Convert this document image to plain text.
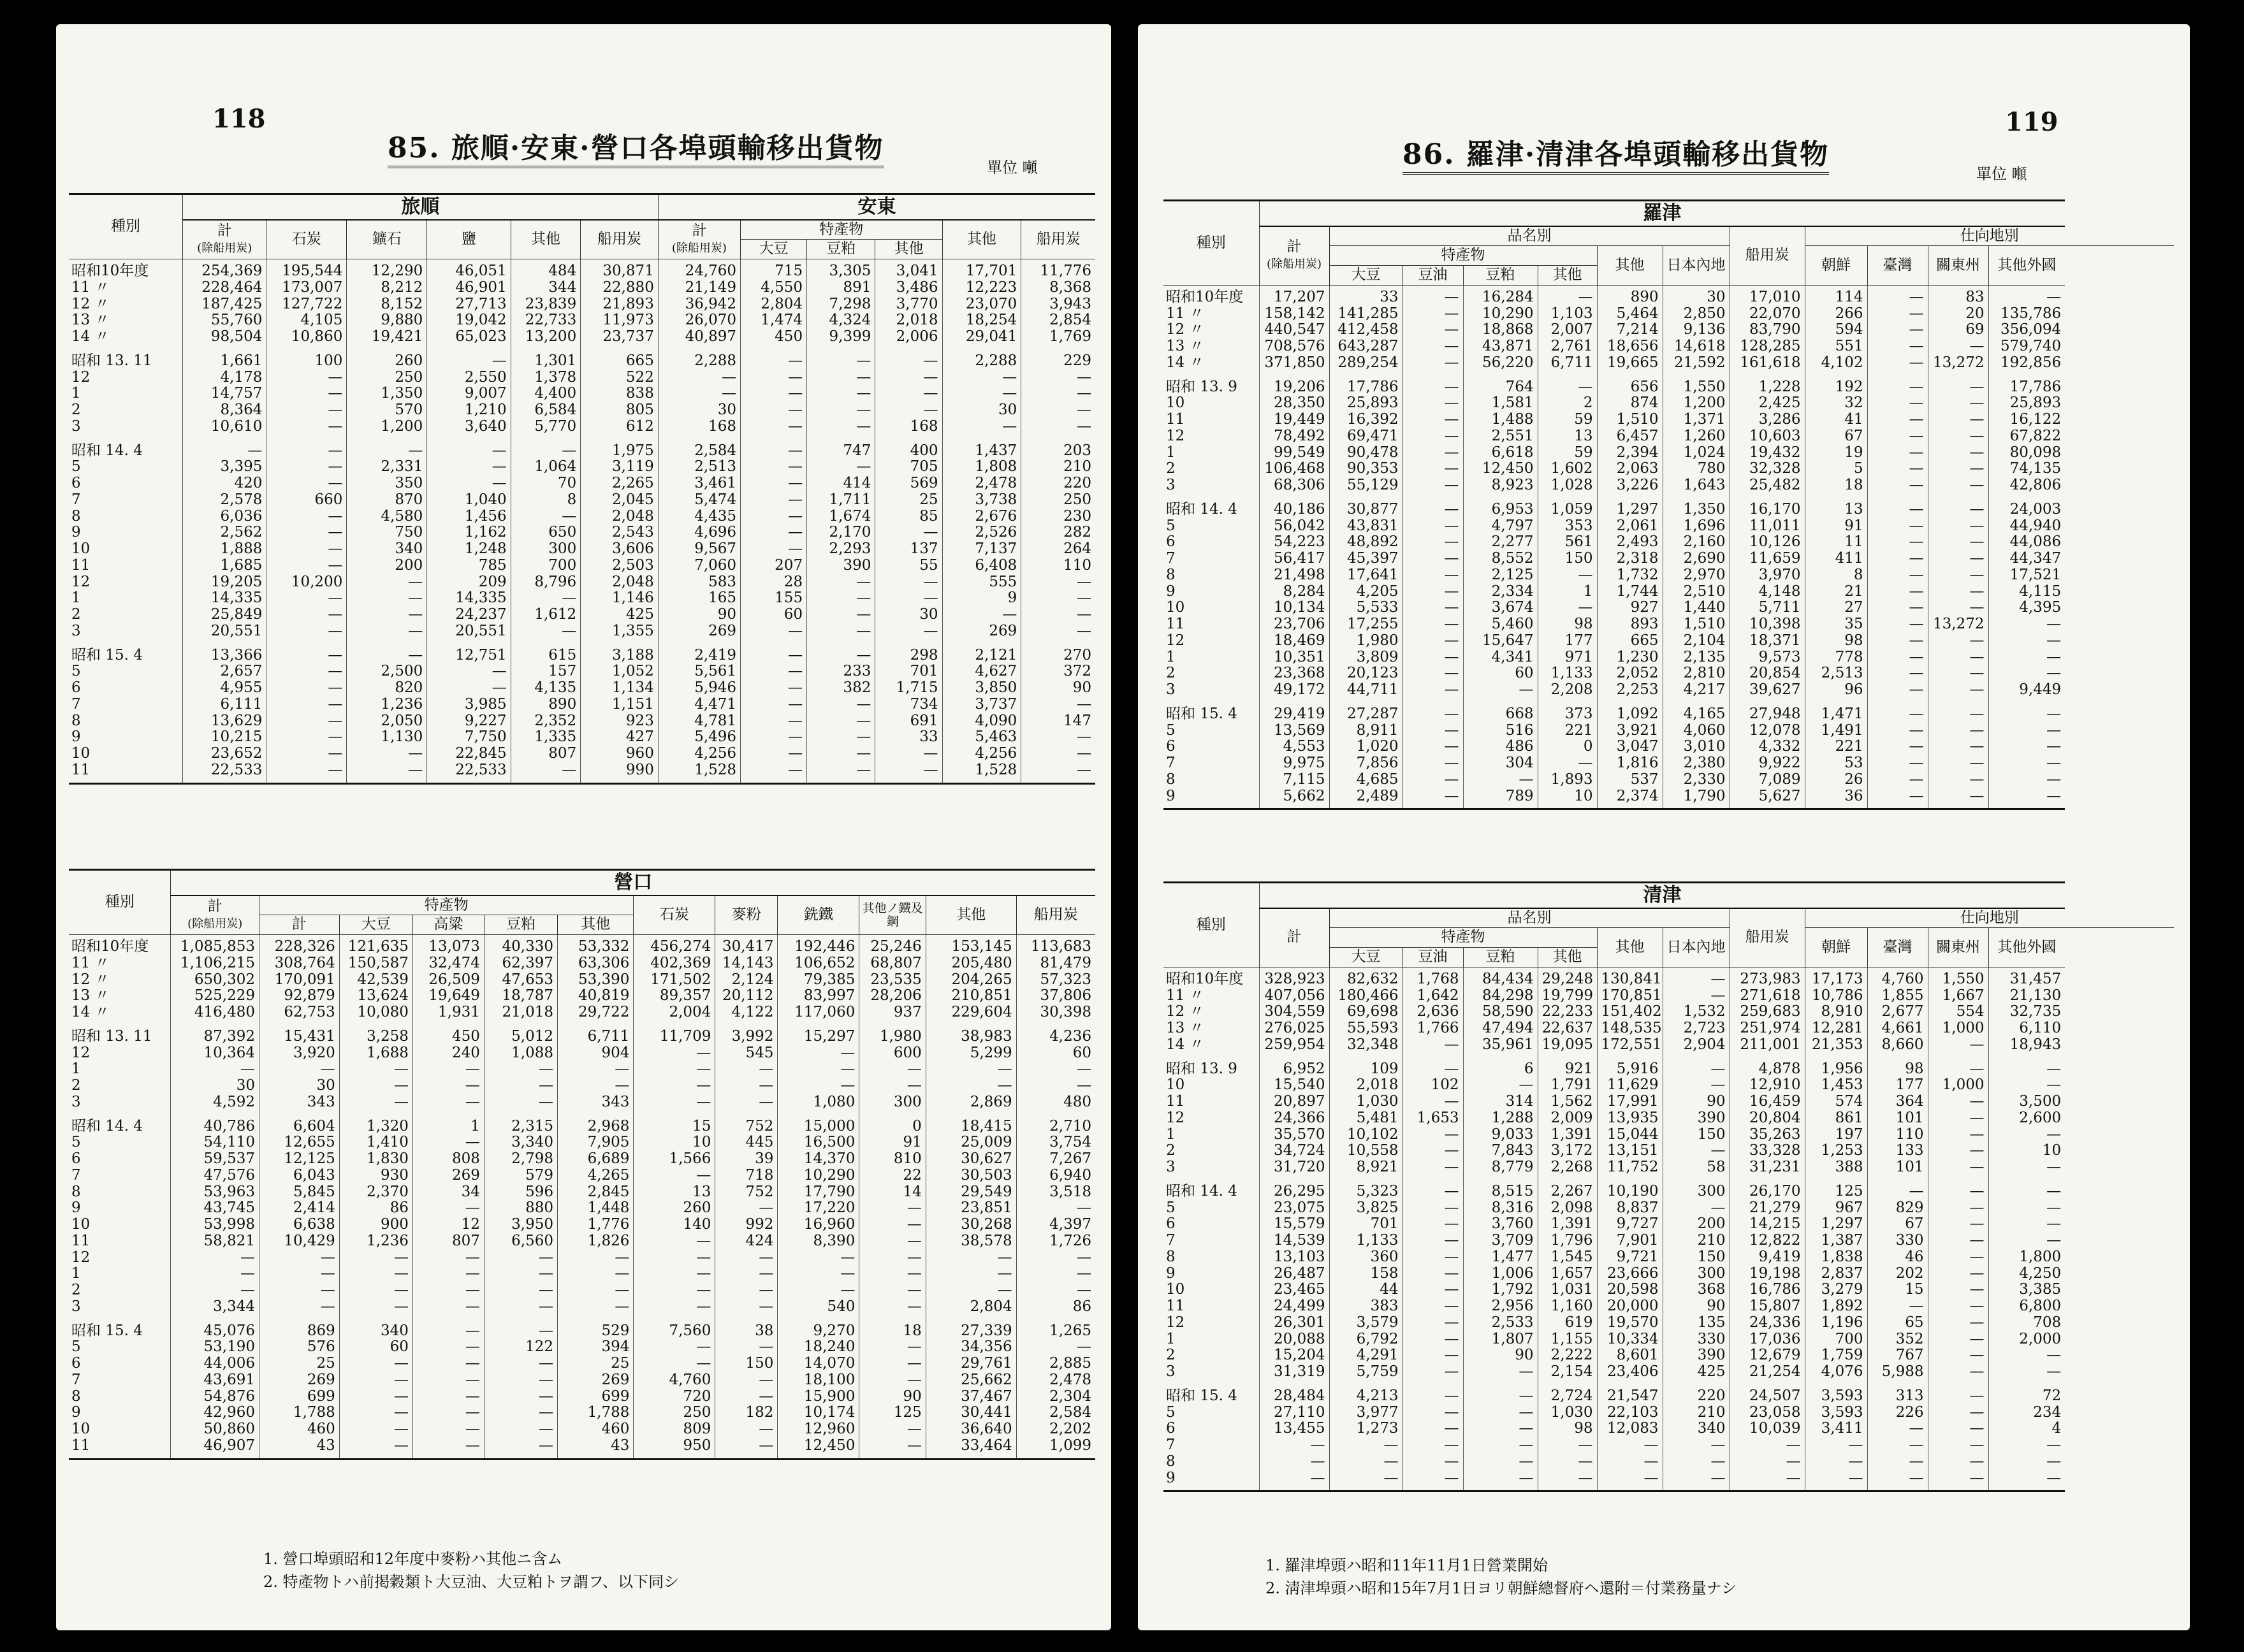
118
85. 旅順·安東·營口各埠頭輸移出貨物
單位 噸
種別	旅順						安東					
	計
(除船用炭)	石炭	鑛石	鹽	其他	船用炭	計
(除船用炭)	特產物			其他	船用炭
								大豆	豆粕	其他		
昭和10年度	254,369	195,544	12,290	46,051	484	30,871	24,760	715	3,305	3,041	17,701	11,776
11 〃	228,464	173,007	8,212	46,901	344	22,880	21,149	4,550	891	3,486	12,223	8,368
12 〃	187,425	127,722	8,152	27,713	23,839	21,893	36,942	2,804	7,298	3,770	23,070	3,943
13 〃	55,760	4,105	9,880	19,042	22,733	11,973	26,070	1,474	4,324	2,018	18,254	2,854
14 〃	98,504	10,860	19,421	65,023	13,200	23,737	40,897	450	9,399	2,006	29,041	1,769
昭和 13. 11	1,661	100	260	—	1,301	665	2,288	—	—	—	2,288	229
12	4,178	—	250	2,550	1,378	522	—	—	—	—	—	—
1	14,757	—	1,350	9,007	4,400	838	—	—	—	—	—	—
2	8,364	—	570	1,210	6,584	805	30	—	—	—	30	—
3	10,610	—	1,200	3,640	5,770	612	168	—	—	168	—	—
昭和 14. 4	—	—	—	—	—	1,975	2,584	—	747	400	1,437	203
5	3,395	—	2,331	—	1,064	3,119	2,513	—	—	705	1,808	210
6	420	—	350	—	70	2,265	3,461	—	414	569	2,478	220
7	2,578	660	870	1,040	8	2,045	5,474	—	1,711	25	3,738	250
8	6,036	—	4,580	1,456	—	2,048	4,435	—	1,674	85	2,676	230
9	2,562	—	750	1,162	650	2,543	4,696	—	2,170	—	2,526	282
10	1,888	—	340	1,248	300	3,606	9,567	—	2,293	137	7,137	264
11	1,685	—	200	785	700	2,503	7,060	207	390	55	6,408	110
12	19,205	10,200	—	209	8,796	2,048	583	28	—	—	555	—
1	14,335	—	—	14,335	—	1,146	165	155	—	—	9	—
2	25,849	—	—	24,237	1,612	425	90	60	—	30	—	—
3	20,551	—	—	20,551	—	1,355	269	—	—	—	269	—
昭和 15. 4	13,366	—	—	12,751	615	3,188	2,419	—	—	298	2,121	270
5	2,657	—	2,500	—	157	1,052	5,561	—	233	701	4,627	372
6	4,955	—	820	—	4,135	1,134	5,946	—	382	1,715	3,850	90
7	6,111	—	1,236	3,985	890	1,151	4,471	—	—	734	3,737	—
8	13,629	—	2,050	9,227	2,352	923	4,781	—	—	691	4,090	147
9	10,215	—	1,130	7,750	1,335	427	5,496	—	—	33	5,463	—
10	23,652	—	—	22,845	807	960	4,256	—	—	—	4,256	—
11	22,533	—	—	22,533	—	990	1,528	—	—	—	1,528	—
種別	營口											
	計
(除船用炭)	特產物					石炭	麥粉	銑鐵	其他ノ鐵及鋼	其他	船用炭
		計	大豆	高粱	豆粕	其他						
昭和10年度	1,085,853	228,326	121,635	13,073	40,330	53,332	456,274	30,417	192,446	25,246	153,145	113,683
11 〃	1,106,215	308,764	150,587	32,474	62,397	63,306	402,369	14,143	106,652	68,807	205,480	81,479
12 〃	650,302	170,091	42,539	26,509	47,653	53,390	171,502	2,124	79,385	23,535	204,265	57,323
13 〃	525,229	92,879	13,624	19,649	18,787	40,819	89,357	20,112	83,997	28,206	210,851	37,806
14 〃	416,480	62,753	10,080	1,931	21,018	29,722	2,004	4,122	117,060	937	229,604	30,398
昭和 13. 11	87,392	15,431	3,258	450	5,012	6,711	11,709	3,992	15,297	1,980	38,983	4,236
12	10,364	3,920	1,688	240	1,088	904	—	545	—	600	5,299	60
1	—	—	—	—	—	—	—	—	—	—	—	—
2	30	30	—	—	—	—	—	—	—	—	—	—
3	4,592	343	—	—	—	343	—	—	1,080	300	2,869	480
昭和 14. 4	40,786	6,604	1,320	1	2,315	2,968	15	752	15,000	0	18,415	2,710
5	54,110	12,655	1,410	—	3,340	7,905	10	445	16,500	91	25,009	3,754
6	59,537	12,125	1,830	808	2,798	6,689	1,566	39	14,370	810	30,627	7,267
7	47,576	6,043	930	269	579	4,265	—	718	10,290	22	30,503	6,940
8	53,963	5,845	2,370	34	596	2,845	13	752	17,790	14	29,549	3,518
9	43,745	2,414	86	—	880	1,448	260	—	17,220	—	23,851	—
10	53,998	6,638	900	12	3,950	1,776	140	992	16,960	—	30,268	4,397
11	58,821	10,429	1,236	807	6,560	1,826	—	424	8,390	—	38,578	1,726
12	—	—	—	—	—	—	—	—	—	—	—	—
1	—	—	—	—	—	—	—	—	—	—	—	—
2	—	—	—	—	—	—	—	—	—	—	—	—
3	3,344	—	—	—	—	—	—	—	540	—	2,804	86
昭和 15. 4	45,076	869	340	—	—	529	7,560	38	9,270	18	27,339	1,265
5	53,190	576	60	—	122	394	—	—	18,240	—	34,356	—
6	44,006	25	—	—	—	25	—	150	14,070	—	29,761	2,885
7	43,691	269	—	—	—	269	4,760	—	18,100	—	25,662	2,478
8	54,876	699	—	—	—	699	720	—	15,900	90	37,467	2,304
9	42,960	1,788	—	—	—	1,788	250	182	10,174	125	30,441	2,584
10	50,860	460	—	—	—	460	809	—	12,960	—	36,640	2,202
11	46,907	43	—	—	—	43	950	—	12,450	—	33,464	1,099
1. 營口埠頭昭和12年度中麥粉ハ其他ニ含ム
2. 特產物トハ前掲穀類ト大豆油、大豆粕トヲ謂フ、以下同シ
119
86. 羅津·清津各埠頭輸移出貨物
單位 噸
種別	羅津											
	計
(除船用炭)	品名別						船用炭	仕向地別			
		特產物				其他	日本內地		朝鮮	臺灣	關東州	其他外國
		大豆	豆油	豆粕	其他							
昭和10年度	17,207	33	—	16,284	—	890	30	17,010	114	—	83	—
11 〃	158,142	141,285	—	10,290	1,103	5,464	2,850	22,070	266	—	20	135,786
12 〃	440,547	412,458	—	18,868	2,007	7,214	9,136	83,790	594	—	69	356,094
13 〃	708,576	643,287	—	43,871	2,761	18,656	14,618	128,285	551	—	—	579,740
14 〃	371,850	289,254	—	56,220	6,711	19,665	21,592	161,618	4,102	—	13,272	192,856
昭和 13. 9	19,206	17,786	—	764	—	656	1,550	1,228	192	—	—	17,786
10	28,350	25,893	—	1,581	2	874	1,200	2,425	32	—	—	25,893
11	19,449	16,392	—	1,488	59	1,510	1,371	3,286	41	—	—	16,122
12	78,492	69,471	—	2,551	13	6,457	1,260	10,603	67	—	—	67,822
1	99,549	90,478	—	6,618	59	2,394	1,024	19,432	19	—	—	80,098
2	106,468	90,353	—	12,450	1,602	2,063	780	32,328	5	—	—	74,135
3	68,306	55,129	—	8,923	1,028	3,226	1,643	25,482	18	—	—	42,806
昭和 14. 4	40,186	30,877	—	6,953	1,059	1,297	1,350	16,170	13	—	—	24,003
5	56,042	43,831	—	4,797	353	2,061	1,696	11,011	91	—	—	44,940
6	54,223	48,892	—	2,277	561	2,493	2,160	10,126	11	—	—	44,086
7	56,417	45,397	—	8,552	150	2,318	2,690	11,659	411	—	—	44,347
8	21,498	17,641	—	2,125	—	1,732	2,970	3,970	8	—	—	17,521
9	8,284	4,205	—	2,334	1	1,744	2,510	4,148	21	—	—	4,115
10	10,134	5,533	—	3,674	—	927	1,440	5,711	27	—	—	4,395
11	23,706	17,255	—	5,460	98	893	1,510	10,398	35	—	13,272	—
12	18,469	1,980	—	15,647	177	665	2,104	18,371	98	—	—	—
1	10,351	3,809	—	4,341	971	1,230	2,135	9,573	778	—	—	—
2	23,368	20,123	—	60	1,133	2,052	2,810	20,854	2,513	—	—	—
3	49,172	44,711	—	—	2,208	2,253	4,217	39,627	96	—	—	9,449
昭和 15. 4	29,419	27,287	—	668	373	1,092	4,165	27,948	1,471	—	—	—
5	13,569	8,911	—	516	221	3,921	4,060	12,078	1,491	—	—	—
6	4,553	1,020	—	486	0	3,047	3,010	4,332	221	—	—	—
7	9,975	7,856	—	304	—	1,816	2,380	9,922	53	—	—	—
8	7,115	4,685	—	—	1,893	537	2,330	7,089	26	—	—	—
9	5,662	2,489	—	789	10	2,374	1,790	5,627	36	—	—	—
種別	清津											
	計	品名別						船用炭	仕向地別			
		特產物				其他	日本內地		朝鮮	臺灣	關東州	其他外國
		大豆	豆油	豆粕	其他							
昭和10年度	328,923	82,632	1,768	84,434	29,248	130,841	—	273,983	17,173	4,760	1,550	31,457
11 〃	407,056	180,466	1,642	84,298	19,799	170,851	—	271,618	10,786	1,855	1,667	21,130
12 〃	304,559	69,698	2,636	58,590	22,233	151,402	1,532	259,683	8,910	2,677	554	32,735
13 〃	276,025	55,593	1,766	47,494	22,637	148,535	2,723	251,974	12,281	4,661	1,000	6,110
14 〃	259,954	32,348	—	35,961	19,095	172,551	2,904	211,001	21,353	8,660	—	18,943
昭和 13. 9	6,952	109	—	6	921	5,916	—	4,878	1,956	98	—	—
10	15,540	2,018	102	—	1,791	11,629	—	12,910	1,453	177	1,000	—
11	20,897	1,030	—	314	1,562	17,991	90	16,459	574	364	—	3,500
12	24,366	5,481	1,653	1,288	2,009	13,935	390	20,804	861	101	—	2,600
1	35,570	10,102	—	9,033	1,391	15,044	150	35,263	197	110	—	—
2	34,724	10,558	—	7,843	3,172	13,151	—	33,328	1,253	133	—	10
3	31,720	8,921	—	8,779	2,268	11,752	58	31,231	388	101	—	—
昭和 14. 4	26,295	5,323	—	8,515	2,267	10,190	300	26,170	125	—	—	—
5	23,075	3,825	—	8,316	2,098	8,837	—	21,279	967	829	—	—
6	15,579	701	—	3,760	1,391	9,727	200	14,215	1,297	67	—	—
7	14,539	1,133	—	3,709	1,796	7,901	210	12,822	1,387	330	—	—
8	13,103	360	—	1,477	1,545	9,721	150	9,419	1,838	46	—	1,800
9	26,487	158	—	1,006	1,657	23,666	300	19,198	2,837	202	—	4,250
10	23,465	44	—	1,792	1,031	20,598	368	16,786	3,279	15	—	3,385
11	24,499	383	—	2,956	1,160	20,000	90	15,807	1,892	—	—	6,800
12	26,301	3,579	—	2,533	619	19,570	135	24,336	1,196	65	—	708
1	20,088	6,792	—	1,807	1,155	10,334	330	17,036	700	352	—	2,000
2	15,204	4,291	—	90	2,222	8,601	390	12,679	1,759	767	—	—
3	31,319	5,759	—	—	2,154	23,406	425	21,254	4,076	5,988	—	—
昭和 15. 4	28,484	4,213	—	—	2,724	21,547	220	24,507	3,593	313	—	72
5	27,110	3,977	—	—	1,030	22,103	210	23,058	3,593	226	—	234
6	13,455	1,273	—	—	98	12,083	340	10,039	3,411	—	—	4
7	—	—	—	—	—	—	—	—	—	—	—	—
8	—	—	—	—	—	—	—	—	—	—	—	—
9	—	—	—	—	—	—	—	—	—	—	—	—
1. 羅津埠頭ハ昭和11年11月1日營業開始
2. 淸津埠頭ハ昭和15年7月1日ヨリ朝鮮總督府ヘ還附＝付業務量ナシ
